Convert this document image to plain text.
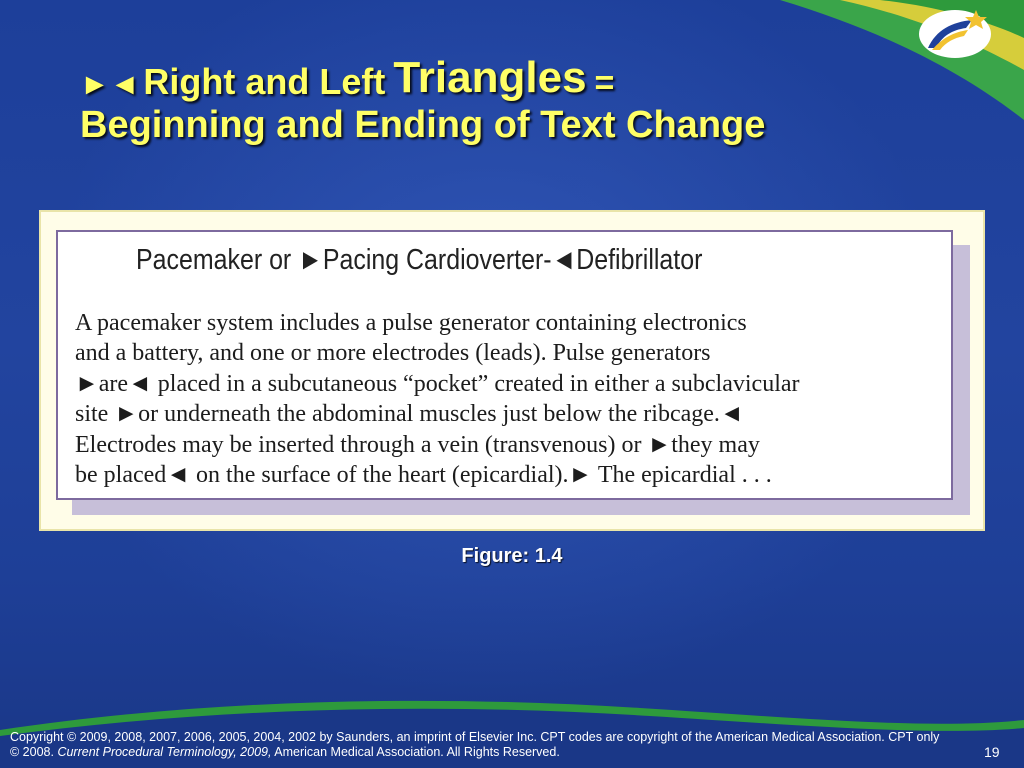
►◄ Right and Left Triangles =
Beginning and Ending of Text Change
Pacemaker or ►Pacing Cardioverter-◄Defibrillator
A pacemaker system includes a pulse generator containing electronics
and a battery, and one or more electrodes (leads). Pulse generators
►are◄ placed in a subcutaneous “pocket” created in either a subclavicular
site ►or underneath the abdominal muscles just below the ribcage.◄
Electrodes may be inserted through a vein (transvenous) or ►they may
be placed◄ on the surface of the heart (epicardial).► The epicardial . . .
Figure: 1.4
Copyright © 2009, 2008, 2007, 2006, 2005, 2004, 2002 by Saunders, an imprint of Elsevier Inc. CPT codes are copyright of the American Medical Association. CPT only © 2008. Current Procedural Terminology, 2009, American Medical Association. All Rights Reserved.	19
